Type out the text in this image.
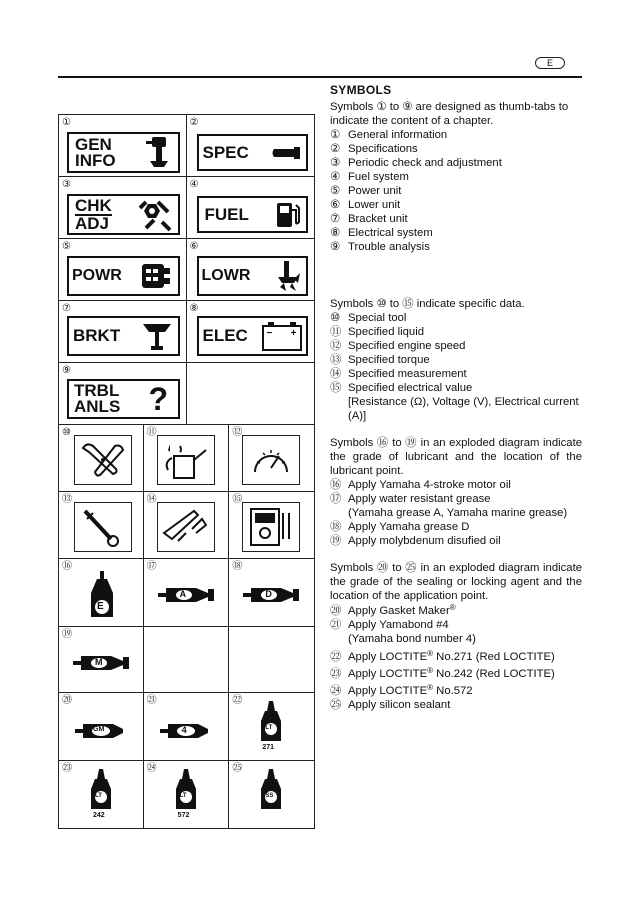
E
①
GEN
INFO
②
SPEC
③
CHK
ADJ
④
FUEL
⑤
POWR
⑥
LOWR
⑦
BRKT
⑧
ELEC − +
⑨
TRBL
ANLS ?
⑩	⑪	⑫
⑬	⑭	⑮
⑯
E
⑰
A
⑱
D
⑲
M
⑳
GM
㉑
4
㉒
LT
271
㉓
LT
242
㉔
LT
572
㉕
SS
SYMBOLS

Symbols ① to ⑨ are designed as thumb-tabs to indicate the content of a chapter.

① General information
② Specifications
③ Periodic check and adjustment
④ Fuel system
⑤ Power unit
⑥ Lower unit
⑦ Bracket unit
⑧ Electrical system
⑨ Trouble analysis

Symbols ⑩ to ⑮ indicate specific data.

⑩ Special tool
⑪ Specified liquid
⑫ Specified engine speed
⑬ Specified torque
⑭ Specified measurement
⑮ Specified electrical value
[Resistance (Ω), Voltage (V), Electrical current (A)]

Symbols ⑯ to ⑲ in an exploded diagram indicate the grade of lubricant and the location of the lubricant point.

⑯ Apply Yamaha 4-stroke motor oil
⑰ Apply water resistant grease
(Yamaha grease A, Yamaha marine grease)
⑱ Apply Yamaha grease D
⑲ Apply molybdenum disufied oil

Symbols ⑳ to ㉕ in an exploded diagram indicate the grade of the sealing or locking agent and the location of the application point.

⑳ Apply Gasket Maker®
㉑ Apply Yamabond #4
(Yamaha bond number 4)
㉒ Apply LOCTITE® No.271 (Red LOCTITE)
㉓ Apply LOCTITE® No.242 (Red LOCTITE)
㉔ Apply LOCTITE® No.572
㉕ Apply silicon sealant
